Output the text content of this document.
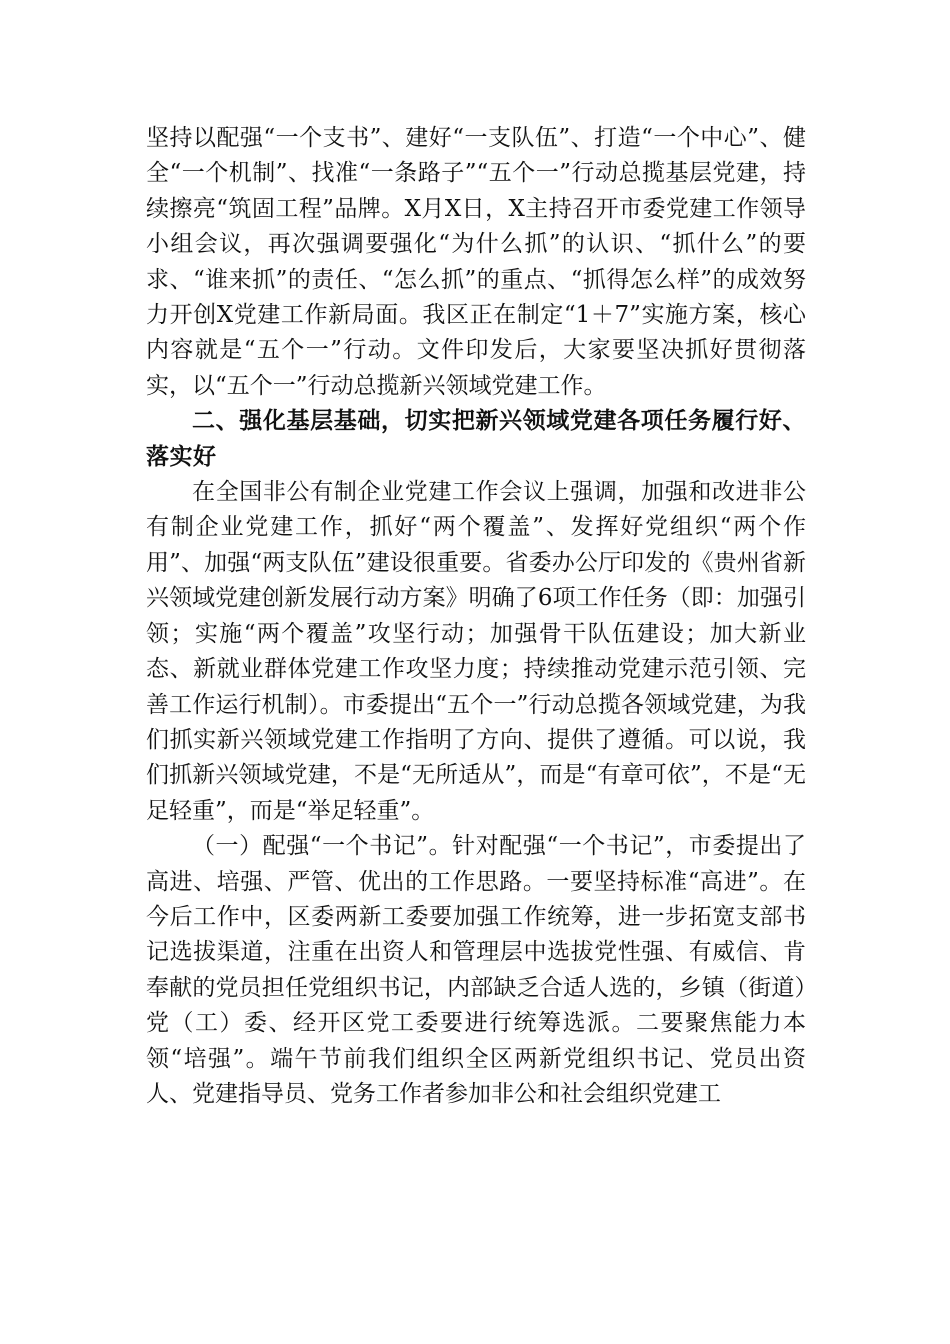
坚持以配强“一个支书”、建好“一支队伍”、打造“一个中心”、健全“一个机制”、找准“一条路子”“五个一”行动总揽基层党建，持续擦亮“筑固工程”品牌。X月X日，X主持召开市委党建工作领导小组会议，再次强调要强化“为什么抓”的认识、“抓什么”的要求、“谁来抓”的责任、“怎么抓”的重点、“抓得怎么样”的成效努力开创X党建工作新局面。我区正在制定“1＋7”实施方案，核心内容就是“五个一”行动。文件印发后，大家要坚决抓好贯彻落实，以“五个一”行动总揽新兴领域党建工作。

二、强化基层基础，切实把新兴领域党建各项任务履行好、落实好

在全国非公有制企业党建工作会议上强调，加强和改进非公有制企业党建工作，抓好“两个覆盖”、发挥好党组织“两个作用”、加强“两支队伍”建设很重要。省委办公厅印发的《贵州省新兴领域党建创新发展行动方案》明确了6项工作任务（即：加强引领；实施“两个覆盖”攻坚行动；加强骨干队伍建设；加大新业态、新就业群体党建工作攻坚力度；持续推动党建示范引领、完善工作运行机制）。市委提出“五个一”行动总揽各领域党建，为我们抓实新兴领域党建工作指明了方向、提供了遵循。可以说，我们抓新兴领域党建，不是“无所适从”，而是“有章可依”，不是“无足轻重”，而是“举足轻重”。

（一）配强“一个书记”。针对配强“一个书记”，市委提出了高进、培强、严管、优出的工作思路。一要坚持标准“高进”。在今后工作中，区委两新工委要加强工作统筹，进一步拓宽支部书记选拔渠道，注重在出资人和管理层中选拔党性强、有威信、肯奉献的党员担任党组织书记，内部缺乏合适人选的，乡镇（街道）党（工）委、经开区党工委要进行统筹选派。二要聚焦能力本领“培强”。端午节前我们组织全区两新党组织书记、党员出资人、党建指导员、党务工作者参加非公和社会组织党建工
